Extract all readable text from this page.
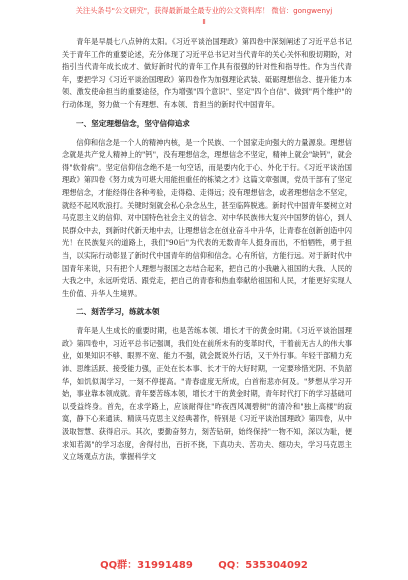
关注头条号"公文研究"，获得最新最全最专业的公文资料库！ 微信：gongwenyj
Ⅱ

青年是早晨七八点钟的太阳。《习近平谈治国理政》第四卷中深刻阐述了习近平总书记关于青年工作的重要论述，充分体现了习近平总书记对当代青年的关心关怀和殷切期盼，对指引当代青年成长成才、做好新时代的青年工作具有很强的针对性和指导性。作为当代青年，要把学习《习近平谈治国理政》第四卷作为加强理论武装、砥砺理想信念、提升能力本领、激发使命担当的重要途径，作为增强"四个意识"、坚定"四个自信"、做到"两个维护"的行动体现，努力做一个有理想、有本领、肯担当的新时代中国青年。

一、坚定理想信念，坚守信仰追求

信仰和信念是一个人的精神内核，是一个民族、一个国家走向强大的力量源泉。理想信念就是共产党人精神上的"钙"，没有理想信念，理想信念不坚定，精神上就会"缺钙"，就会得"软骨病"。坚定信仰信念绝不是一句空话，而是要内化于心、外化于行。《习近平谈治国理政》第四卷《努力成为可堪大用能担重任的栋梁之才》这篇文章强调，党员干部有了坚定理想信念，才能经得住各种考验，走得稳、走得远；没有理想信念，或者理想信念不坚定，就经不起风吹浪打。关键时刻就会私心杂念丛生，甚至临阵脱逃。新时代中国青年要树立对马克思主义的信仰、对中国特色社会主义的信念、对中华民族伟大复兴中国梦的信心，到人民群众中去，到新时代新天地中去，让理想信念在创业奋斗中升华，让青春在创新创造中闪光！在民族复兴的道路上，我们"90后"为代表的无数青年人挺身而出，不怕牺牲，勇于担当，以实际行动彰显了新时代中国青年的信仰和信念。心有所信，方能行远。对于新时代中国青年来说，只有把个人理想与报国之志结合起来，把自己的小我融入祖国的大我、人民的大我之中，永远听党话、跟党走，把自己的青春和热血奉献给祖国和人民，才能更好实现人生价值、升华人生境界。

二、刻苦学习，练就本领

青年是人生成长的重要时期，也是苦练本领、增长才干的黄金时期。《习近平谈治国理政》第四卷中，习近平总书记强调，我们处在前所未有的变革时代，干着前无古人的伟大事业，如果知识不够、眼界不宽、能力不强，就会既说外行话，又干外行事。年轻干部精力充沛、思维活跃、接受能力强，正处在长本事、长才干的大好时期，一定要珍惜光阴、不负韶华，如饥似渴学习，一刻不停提高。"青春虚度无所成，白首衔悲亦何及。"梦想从学习开始，事业靠本领成就。青年要苦练本领，增长才干的黄金时期，青年时代打下的学习基础可以受益终身。首先，在求学路上，应该耐得住"昨夜西风凋碧树"的清冷和"独上高楼"的寂寞，静下心来通读、精读马克思主义经典著作，特别是《习近平谈治国理政》第四卷，从中汲取智慧、获得启示。其次，要勤奋努力，刻苦钻研，始终保持"一物不知，深以为耻，便求知若渴"的学习态度，舍得付出，百折不挠，下真功夫、苦功夫、细功夫，学习马克思主义立场观点方法，掌握科学文

QQ群：31991489	QQ：535304092
